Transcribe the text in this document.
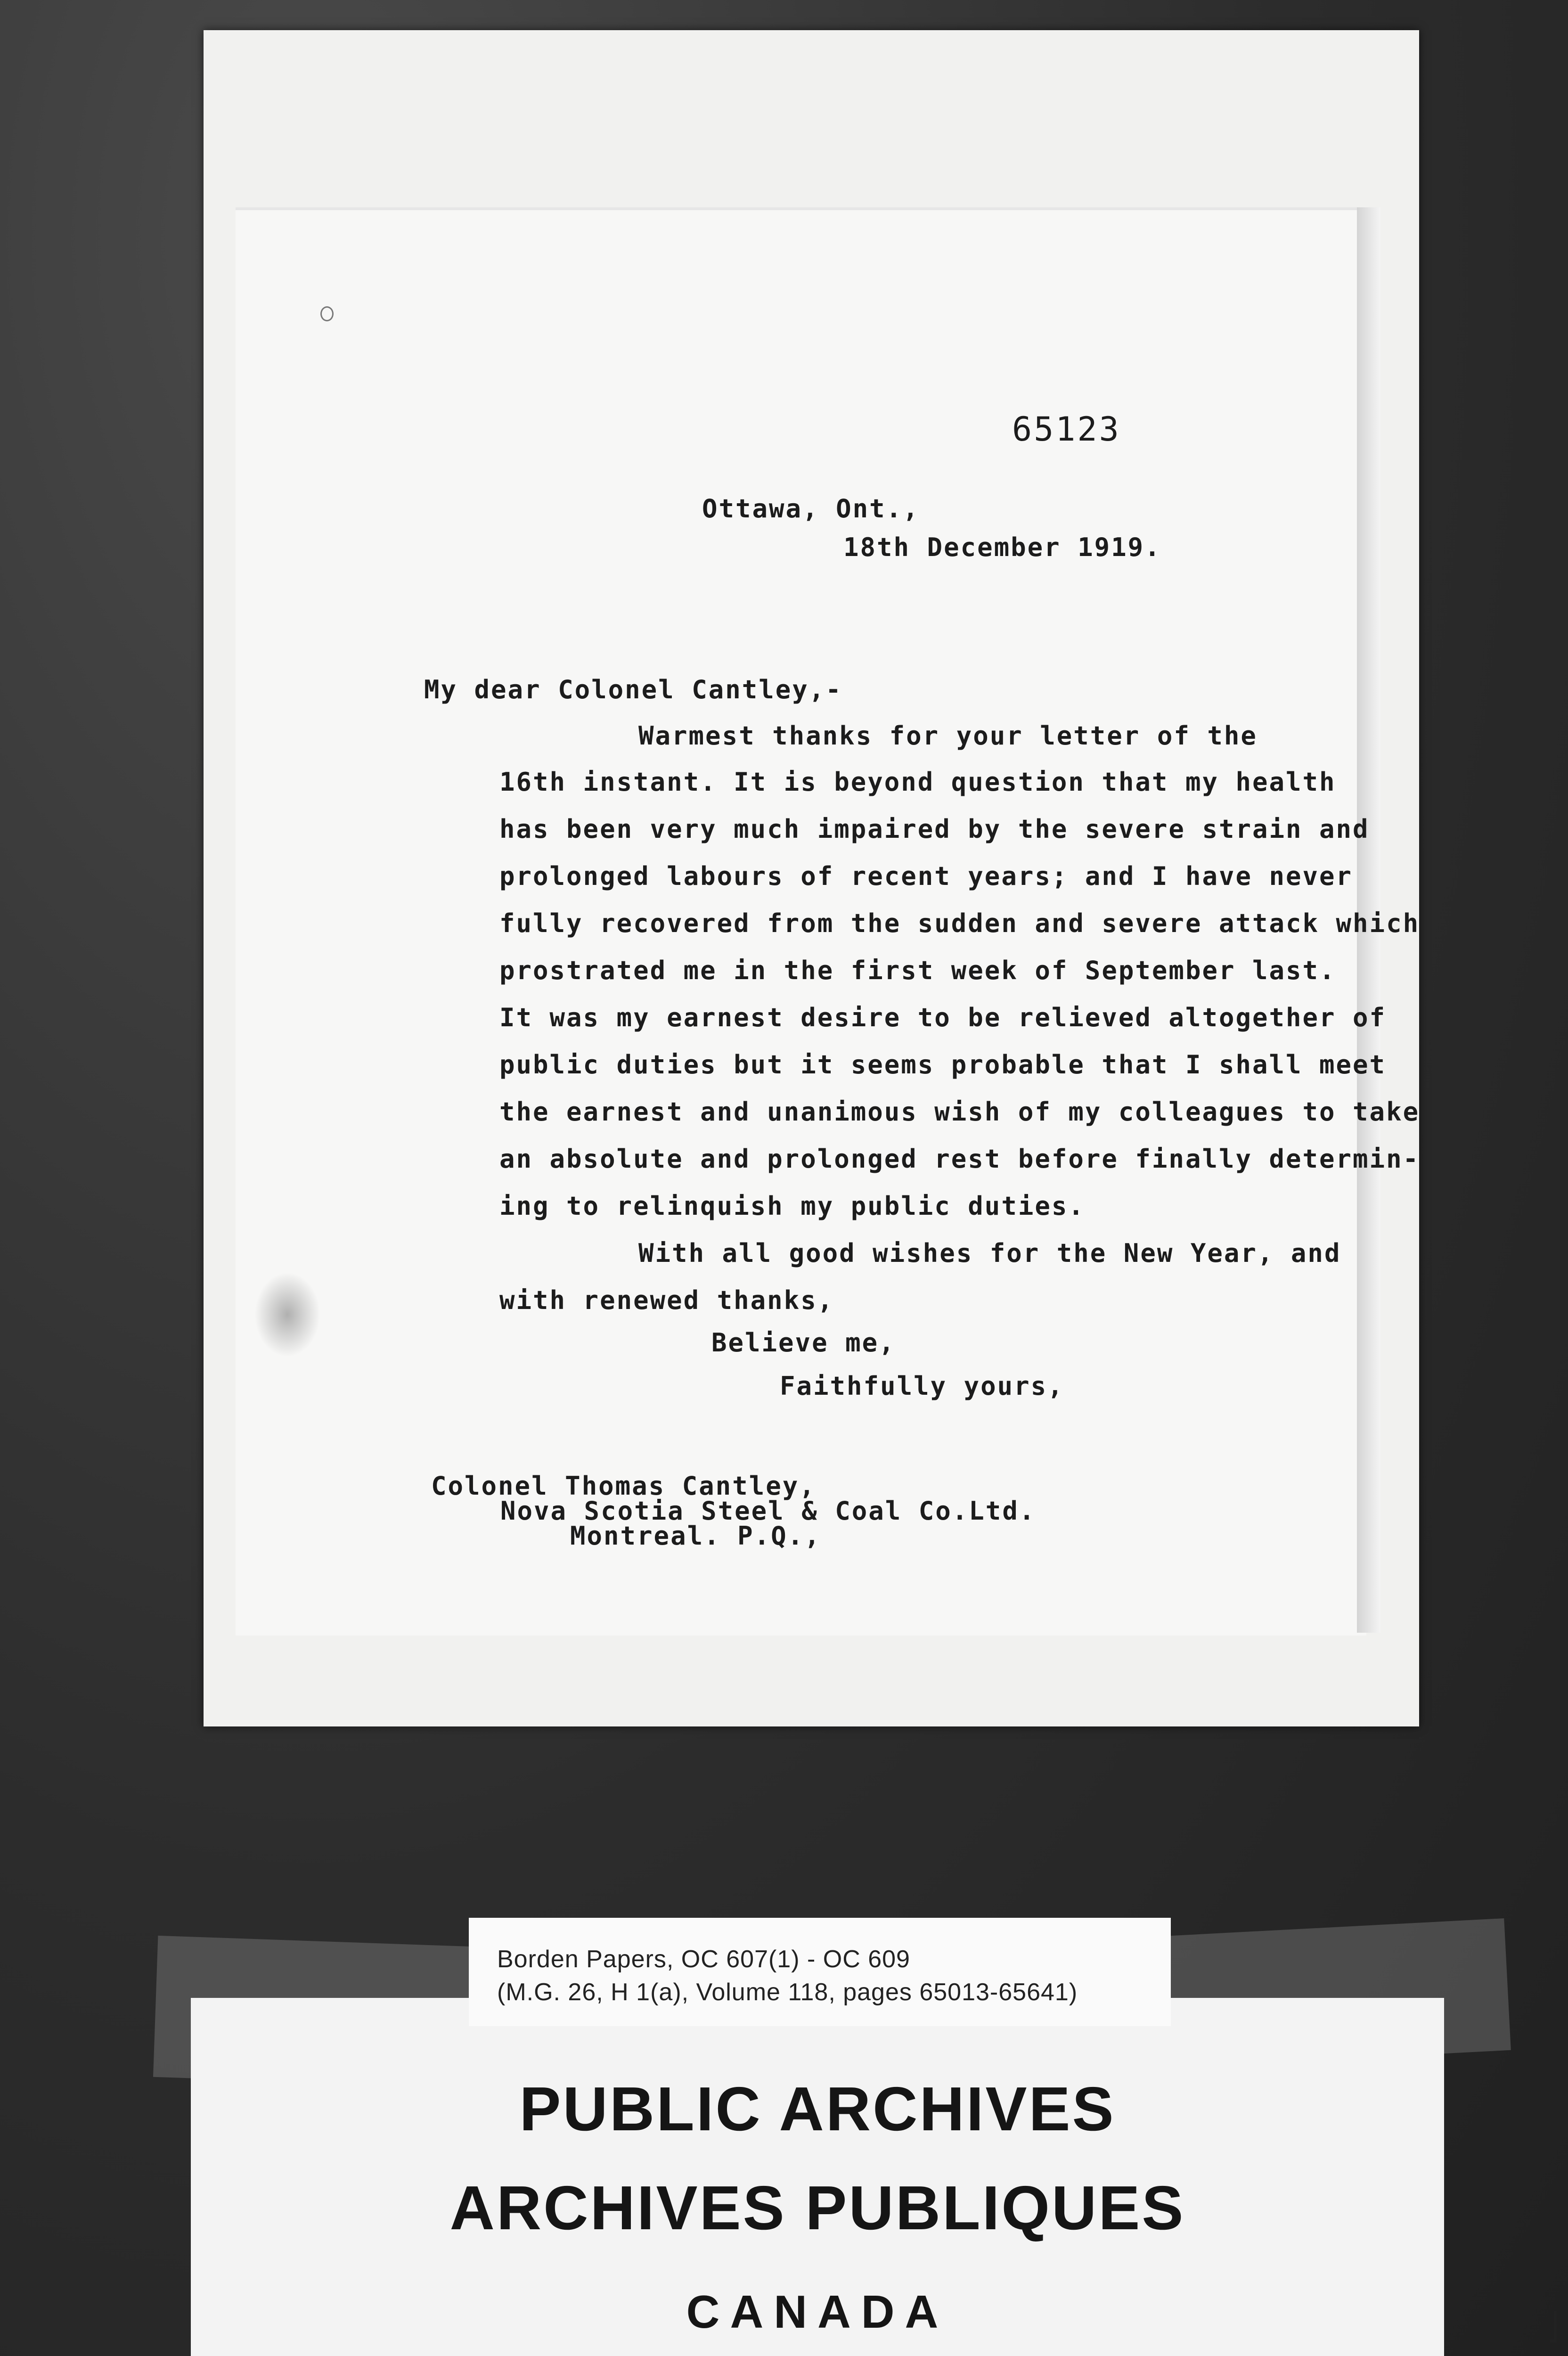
65123
Ottawa, Ont.,
18th December 1919.
My dear Colonel Cantley,-
Warmest thanks for your letter of the
16th instant. It is beyond question that my health
has been very much impaired by the severe strain and
prolonged labours of recent years; and I have never
fully recovered from the sudden and severe attack which
prostrated me in the first week of September last.
It was my earnest desire to be relieved altogether of
public duties but it seems probable that I shall meet
the earnest and unanimous wish of my colleagues to take
an absolute and prolonged rest before finally determin-
ing to relinquish my public duties.
With all good wishes for the New Year, and
with renewed thanks,
Believe me,
Faithfully yours,
Colonel Thomas Cantley,
Nova Scotia Steel & Coal Co.Ltd.
Montreal. P.Q.,
Borden Papers, OC 607(1) - OC 609
(M.G. 26, H 1(a), Volume 118, pages 65013-65641)
PUBLIC ARCHIVES
ARCHIVES PUBLIQUES
CANADA
